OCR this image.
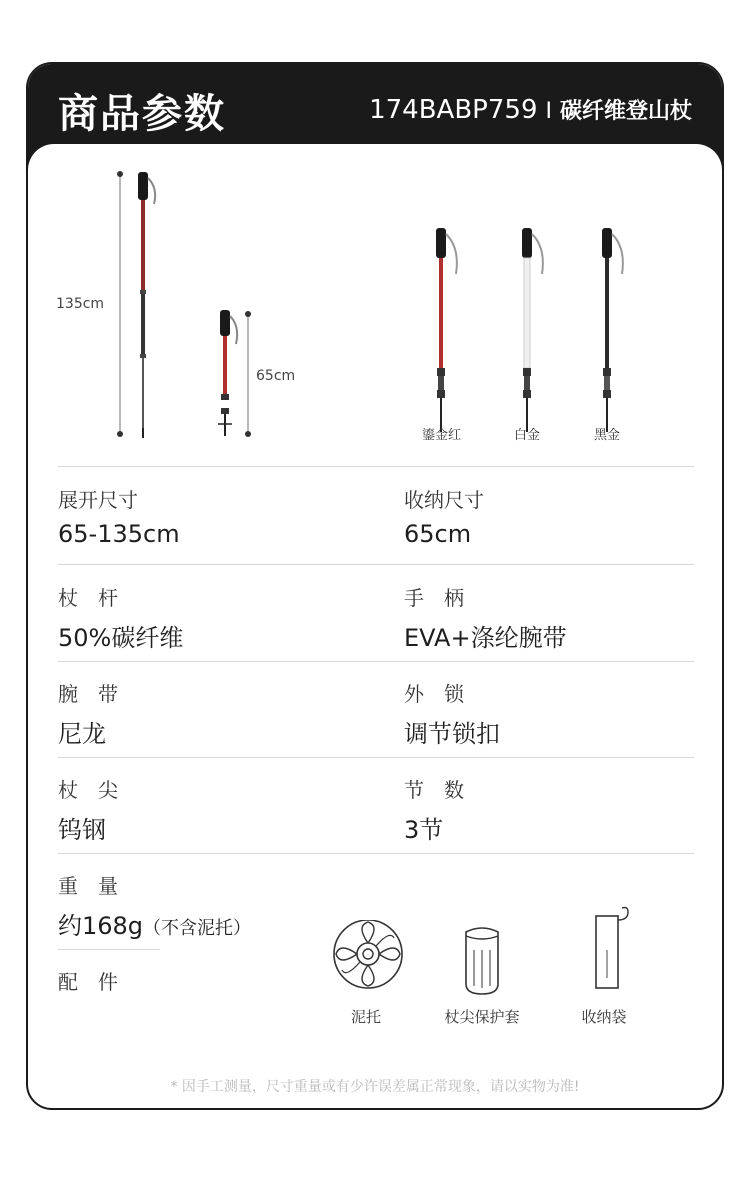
商品参数	174BABP759 I 碳纤维登山杖
135cm
65cm
鎏金红	白金	黑金
展开尺寸
65-135cm
收纳尺寸
65cm
杖　杆
50%碳纤维
手　柄
EVA+涤纶腕带
腕　带
尼龙
外　锁
调节锁扣
杖　尖
钨钢
节　数
3节
重　量
约168g（不含泥托）
配　件
泥托	杖尖保护套	收纳袋
* 因手工测量，尺寸重量或有少许误差属正常现象，请以实物为准!
